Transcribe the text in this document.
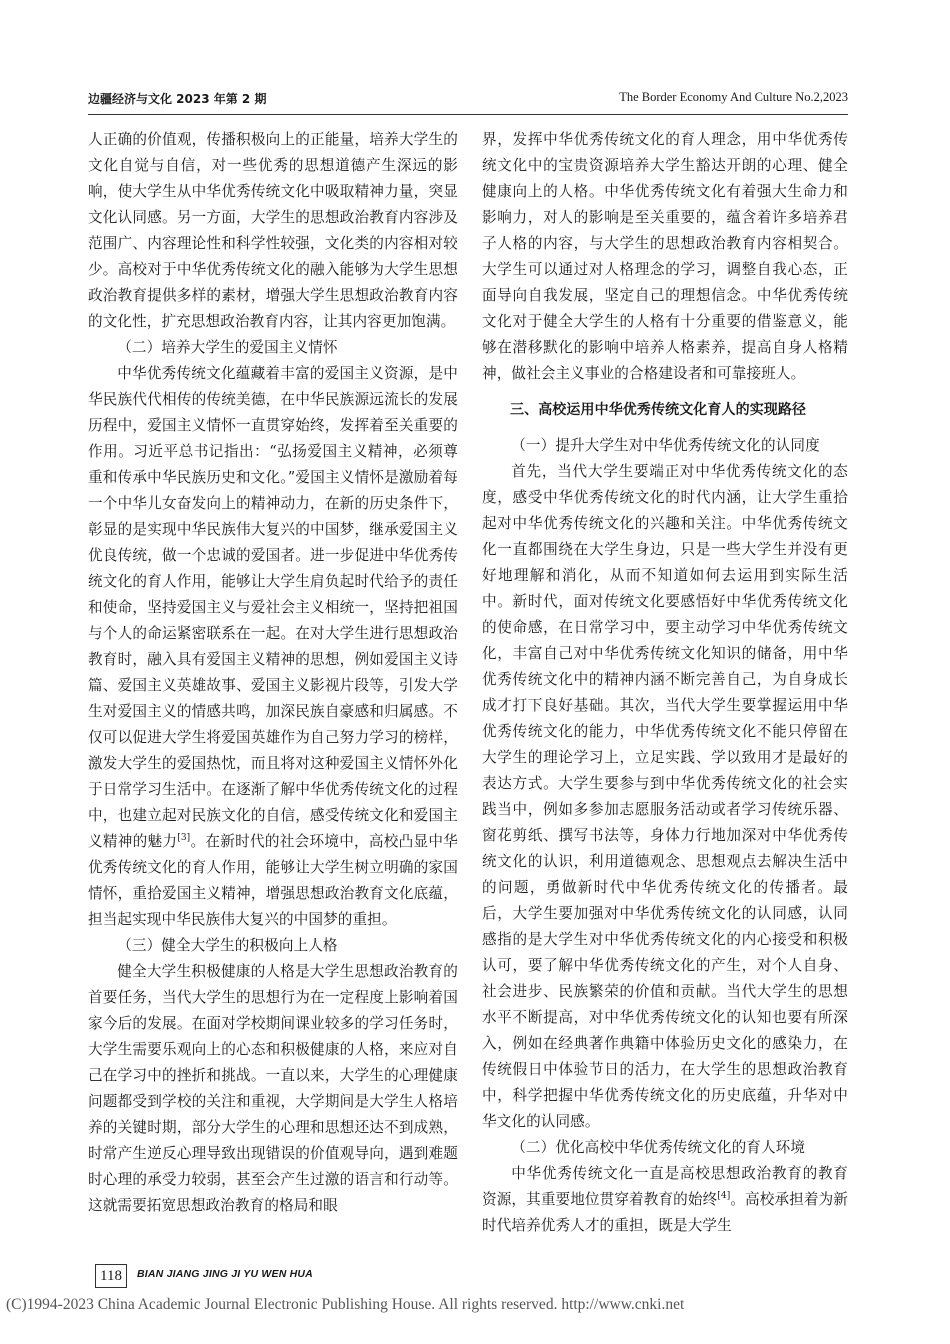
边疆经济与文化 2023 年第 2 期	The Border Economy And Culture No.2,2023

人正确的价值观，传播积极向上的正能量，培养大学生的文化自觉与自信，对一些优秀的思想道德产生深远的影响，使大学生从中华优秀传统文化中吸取精神力量，突显文化认同感。另一方面，大学生的思想政治教育内容涉及范围广、内容理论性和科学性较强，文化类的内容相对较少。高校对于中华优秀传统文化的融入能够为大学生思想政治教育提供多样的素材，增强大学生思想政治教育内容的文化性，扩充思想政治教育内容，让其内容更加饱满。

（二）培养大学生的爱国主义情怀

中华优秀传统文化蕴藏着丰富的爱国主义资源，是中华民族代代相传的传统美德，在中华民族源远流长的发展历程中，爱国主义情怀一直贯穿始终，发挥着至关重要的作用。习近平总书记指出：“弘扬爱国主义精神，必须尊重和传承中华民族历史和文化。”爱国主义情怀是激励着每一个中华儿女奋发向上的精神动力，在新的历史条件下，彰显的是实现中华民族伟大复兴的中国梦，继承爱国主义优良传统，做一个忠诚的爱国者。进一步促进中华优秀传统文化的育人作用，能够让大学生肩负起时代给予的责任和使命，坚持爱国主义与爱社会主义相统一，坚持把祖国与个人的命运紧密联系在一起。在对大学生进行思想政治教育时，融入具有爱国主义精神的思想，例如爱国主义诗篇、爱国主义英雄故事、爱国主义影视片段等，引发大学生对爱国主义的情感共鸣，加深民族自豪感和归属感。不仅可以促进大学生将爱国英雄作为自己努力学习的榜样，激发大学生的爱国热忱，而且将对这种爱国主义情怀外化于日常学习生活中。在逐渐了解中华优秀传统文化的过程中，也建立起对民族文化的自信，感受传统文化和爱国主义精神的魅力[3]。在新时代的社会环境中，高校凸显中华优秀传统文化的育人作用，能够让大学生树立明确的家国情怀，重拾爱国主义精神，增强思想政治教育文化底蕴，担当起实现中华民族伟大复兴的中国梦的重担。

（三）健全大学生的积极向上人格

健全大学生积极健康的人格是大学生思想政治教育的首要任务，当代大学生的思想行为在一定程度上影响着国家今后的发展。在面对学校期间课业较多的学习任务时，大学生需要乐观向上的心态和积极健康的人格，来应对自己在学习中的挫折和挑战。一直以来，大学生的心理健康问题都受到学校的关注和重视，大学期间是大学生人格培养的关键时期，部分大学生的心理和思想还达不到成熟，时常产生逆反心理导致出现错误的价值观导向，遇到难题时心理的承受力较弱，甚至会产生过激的语言和行动等。这就需要拓宽思想政治教育的格局和眼

界，发挥中华优秀传统文化的育人理念，用中华优秀传统文化中的宝贵资源培养大学生豁达开朗的心理、健全健康向上的人格。中华优秀传统文化有着强大生命力和影响力，对人的影响是至关重要的，蕴含着许多培养君子人格的内容，与大学生的思想政治教育内容相契合。大学生可以通过对人格理念的学习，调整自我心态，正面导向自我发展，坚定自己的理想信念。中华优秀传统文化对于健全大学生的人格有十分重要的借鉴意义，能够在潜移默化的影响中培养人格素养，提高自身人格精神，做社会主义事业的合格建设者和可靠接班人。

三、高校运用中华优秀传统文化育人的实现路径

（一）提升大学生对中华优秀传统文化的认同度

首先，当代大学生要端正对中华优秀传统文化的态度，感受中华优秀传统文化的时代内涵，让大学生重拾起对中华优秀传统文化的兴趣和关注。中华优秀传统文化一直都围绕在大学生身边，只是一些大学生并没有更好地理解和消化，从而不知道如何去运用到实际生活中。新时代，面对传统文化要感悟好中华优秀传统文化的使命感，在日常学习中，要主动学习中华优秀传统文化，丰富自己对中华优秀传统文化知识的储备，用中华优秀传统文化中的精神内涵不断完善自己，为自身成长成才打下良好基础。其次，当代大学生要掌握运用中华优秀传统文化的能力，中华优秀传统文化不能只停留在大学生的理论学习上，立足实践、学以致用才是最好的表达方式。大学生要参与到中华优秀传统文化的社会实践当中，例如多参加志愿服务活动或者学习传统乐器、窗花剪纸、撰写书法等，身体力行地加深对中华优秀传统文化的认识，利用道德观念、思想观点去解决生活中的问题，勇做新时代中华优秀传统文化的传播者。最后，大学生要加强对中华优秀传统文化的认同感，认同感指的是大学生对中华优秀传统文化的内心接受和积极认可，要了解中华优秀传统文化的产生，对个人自身、社会进步、民族繁荣的价值和贡献。当代大学生的思想水平不断提高，对中华优秀传统文化的认知也要有所深入，例如在经典著作典籍中体验历史文化的感染力，在传统假日中体验节日的活力，在大学生的思想政治教育中，科学把握中华优秀传统文化的历史底蕴，升华对中华文化的认同感。

（二）优化高校中华优秀传统文化的育人环境

中华优秀传统文化一直是高校思想政治教育的教育资源，其重要地位贯穿着教育的始终[4]。高校承担着为新时代培养优秀人才的重担，既是大学生

118	BIAN JIANG JING JI YU WEN HUA
(C)1994-2023 China Academic Journal Electronic Publishing House. All rights reserved. http://www.cnki.net
